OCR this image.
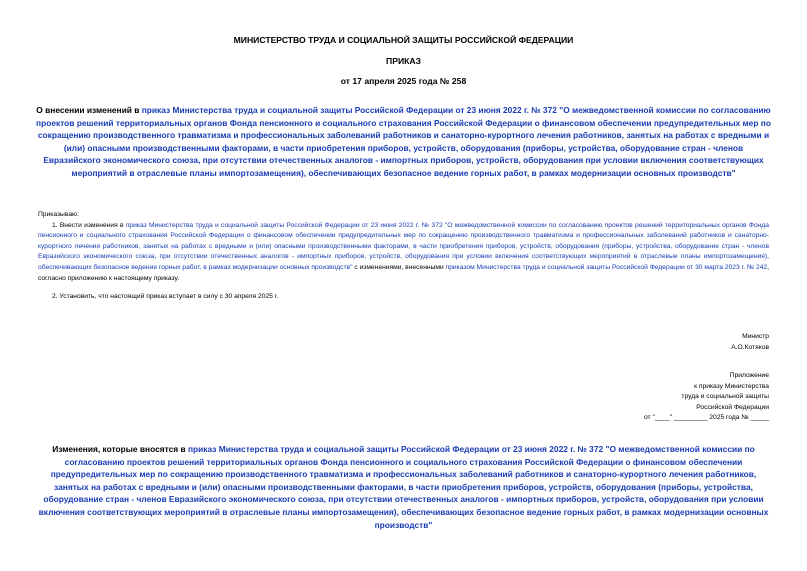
МИНИСТЕРСТВО ТРУДА И СОЦИАЛЬНОЙ ЗАЩИТЫ РОССИЙСКОЙ ФЕДЕРАЦИИ
ПРИКАЗ
от 17 апреля 2025 года № 258
О внесении изменений в приказ Министерства труда и социальной защиты Российской Федерации от 23 июня 2022 г. № 372 "О межведомственной комиссии по согласованию проектов решений территориальных органов Фонда пенсионного и социального страхования Российской Федерации о финансовом обеспечении предупредительных мер по сокращению производственного травматизма и профессиональных заболеваний работников и санаторно-курортного лечения работников, занятых на работах с вредными и (или) опасными производственными факторами, в части приобретения приборов, устройств, оборудования (приборы, устройства, оборудование стран - членов Евразийского экономического союза, при отсутствии отечественных аналогов - импортных приборов, устройств, оборудования при условии включения соответствующих мероприятий в отраслевые планы импортозамещения), обеспечивающих безопасное ведение горных работ, в рамках модернизации основных производств"
Приказываю:
1. Внести изменения в приказ Министерства труда и социальной защиты Российской Федерации от 23 июня 2022 г. № 372 "О межведомственной комиссии по согласованию проектов решений территориальных органов Фонда пенсионного и социального страхования Российской Федерации о финансовом обеспечении предупредительных мер по сокращению производственного травматизма и профессиональных заболеваний работников и санаторно-курортного лечения работников, занятых на работах с вредными и (или) опасными производственными факторами, в части приобретения приборов, устройств, оборудования (приборы, устройства, оборудование стран - членов Евразийского экономического союза, при отсутствии отечественных аналогов - импортных приборов, устройств, оборудования при условии включения соответствующих мероприятий в отраслевые планы импортозамещения), обеспечивающих безопасное ведение горных работ, в рамках модернизации основных производств" с изменениями, внесенными приказом Министерства труда и социальной защиты Российской Федерации от 30 марта 2023 г. № 242, согласно приложению к настоящему приказу.
2. Установить, что настоящий приказ вступает в силу с 30 апреля 2025 г.
Министр
А.О.Котяков
Приложение
к приказу Министерства
труда и социальной защиты
Российской Федерации
от "____" _________ 2025 года № _____
Изменения, которые вносятся в приказ Министерства труда и социальной защиты Российской Федерации от 23 июня 2022 г. № 372 "О межведомственной комиссии по согласованию проектов решений территориальных органов Фонда пенсионного и социального страхования Российской Федерации о финансовом обеспечении предупредительных мер по сокращению производственного травматизма и профессиональных заболеваний работников и санаторно-курортного лечения работников, занятых на работах с вредными и (или) опасными производственными факторами, в части приобретения приборов, устройств, оборудования (приборы, устройства, оборудование стран - членов Евразийского экономического союза, при отсутствии отечественных аналогов - импортных приборов, устройств, оборудования при условии включения соответствующих мероприятий в отраслевые планы импортозамещения), обеспечивающих безопасное ведение горных работ, в рамках модернизации основных производств"
